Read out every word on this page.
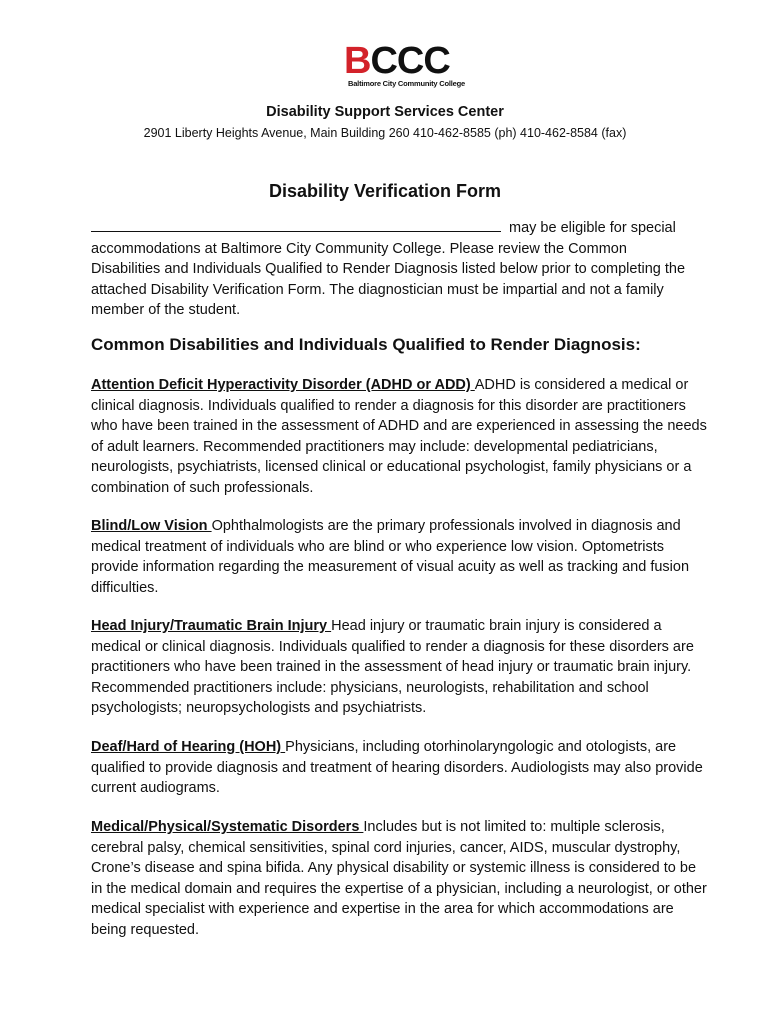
BCCC
Baltimore City Community College
Disability Support Services Center
2901 Liberty Heights Avenue, Main Building 260 410-462-8585 (ph) 410-462-8584 (fax)
Disability Verification Form
may be eligible for special accommodations at Baltimore City Community College. Please review the Common Disabilities and Individuals Qualified to Render Diagnosis listed below prior to completing the attached Disability Verification Form. The diagnostician must be impartial and not a family member of the student.
Common Disabilities and Individuals Qualified to Render Diagnosis:
Attention Deficit Hyperactivity Disorder (ADHD or ADD) ADHD is considered a medical or clinical diagnosis. Individuals qualified to render a diagnosis for this disorder are practitioners who have been trained in the assessment of ADHD and are experienced in assessing the needs of adult learners. Recommended practitioners may include: developmental pediatricians, neurologists, psychiatrists, licensed clinical or educational psychologist, family physicians or a combination of such professionals.
Blind/Low Vision Ophthalmologists are the primary professionals involved in diagnosis and medical treatment of individuals who are blind or who experience low vision. Optometrists provide information regarding the measurement of visual acuity as well as tracking and fusion difficulties.
Head Injury/Traumatic Brain Injury Head injury or traumatic brain injury is considered a medical or clinical diagnosis. Individuals qualified to render a diagnosis for these disorders are practitioners who have been trained in the assessment of head injury or traumatic brain injury. Recommended practitioners include: physicians, neurologists, rehabilitation and school psychologists; neuropsychologists and psychiatrists.
Deaf/Hard of Hearing (HOH) Physicians, including otorhinolaryngologic and otologists, are qualified to provide diagnosis and treatment of hearing disorders. Audiologists may also provide current audiograms.
Medical/Physical/Systematic Disorders Includes but is not limited to: multiple sclerosis, cerebral palsy, chemical sensitivities, spinal cord injuries, cancer, AIDS, muscular dystrophy, Crone’s disease and spina bifida. Any physical disability or systemic illness is considered to be in the medical domain and requires the expertise of a physician, including a neurologist, or other medical specialist with experience and expertise in the area for which accommodations are being requested.
